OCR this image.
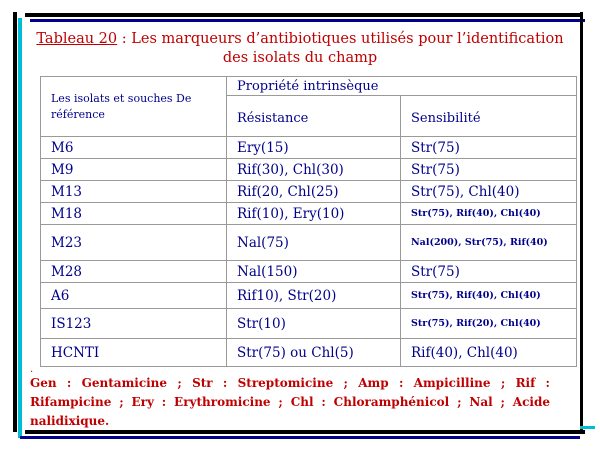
Tableau 20 : Les marqueurs d’antibiotiques utilisés pour l’identification des isolats du champ
Les isolats et souches De référence	Propriété intrinsèque	

	Résistance	Sensibilité

M6	Ery(15)	Str(75)
M9	Rif(30), Chl(30)	Str(75)
M13	Rif(20, Chl(25)	Str(75), Chl(40)
M18	Rif(10), Ery(10)	Str(75), Rif(40), Chl(40)
M23	Nal(75)	Nal(200), Str(75), Rif(40)
M28	Nal(150)	Str(75)
A6	Rif10), Str(20)	Str(75), Rif(40), Chl(40)
IS123	Str(10)	Str(75), Rif(20), Chl(40)
HCNTI	Str(75) ou Chl(5)	Rif(40), Chl(40)
.
Gen : Gentamicine ; Str : Streptomicine ; Amp : Ampicilline ; Rif : Rifampicine ; Ery : Erythromicine ; Chl : Chloramphénicol ; Nal ; Acide nalidixique.
